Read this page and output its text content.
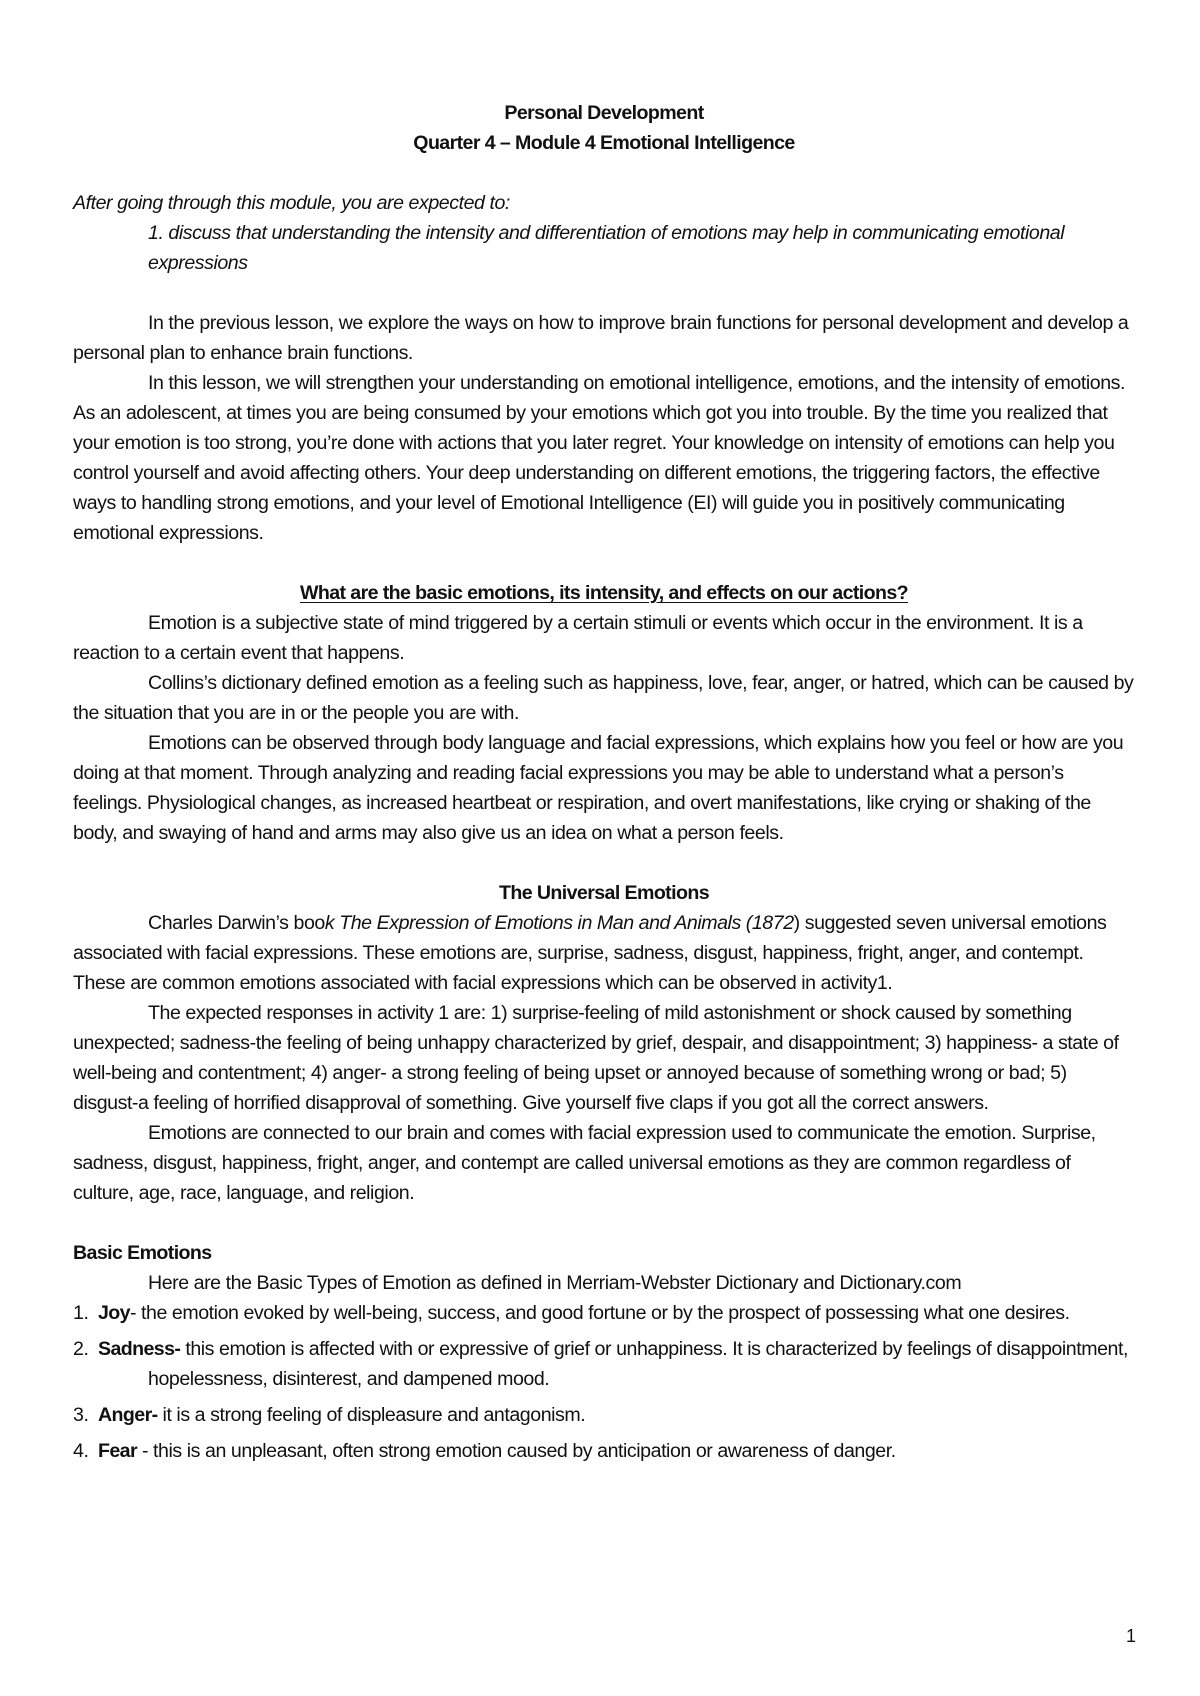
Personal Development
Quarter 4 – Module 4 Emotional Intelligence

After going through this module, you are expected to:

1. discuss that understanding the intensity and differentiation of emotions may help in communicating emotional expressions

In the previous lesson, we explore the ways on how to improve brain functions for personal development and develop a personal plan to enhance brain functions.

In this lesson, we will strengthen your understanding on emotional intelligence, emotions, and the intensity of emotions. As an adolescent, at times you are being consumed by your emotions which got you into trouble. By the time you realized that your emotion is too strong, you’re done with actions that you later regret. Your knowledge on intensity of emotions can help you control yourself and avoid affecting others. Your deep understanding on different emotions, the triggering factors, the effective ways to handling strong emotions, and your level of Emotional Intelligence (EI) will guide you in positively communicating emotional expressions.

What are the basic emotions, its intensity, and effects on our actions?

Emotion is a subjective state of mind triggered by a certain stimuli or events which occur in the environment. It is a reaction to a certain event that happens.

Collins’s dictionary defined emotion as a feeling such as happiness, love, fear, anger, or hatred, which can be caused by the situation that you are in or the people you are with.

Emotions can be observed through body language and facial expressions, which explains how you feel or how are you doing at that moment. Through analyzing and reading facial expressions you may be able to understand what a person’s feelings. Physiological changes, as increased heartbeat or respiration, and overt manifestations, like crying or shaking of the body, and swaying of hand and arms may also give us an idea on what a person feels.

The Universal Emotions

Charles Darwin’s book The Expression of Emotions in Man and Animals (1872) suggested seven universal emotions associated with facial expressions. These emotions are, surprise, sadness, disgust, happiness, fright, anger, and contempt. These are common emotions associated with facial expressions which can be observed in activity1.

The expected responses in activity 1 are: 1) surprise-feeling of mild astonishment or shock caused by something unexpected; sadness-the feeling of being unhappy characterized by grief, despair, and disappointment; 3) happiness- a state of well-being and contentment; 4) anger- a strong feeling of being upset or annoyed because of something wrong or bad; 5) disgust-a feeling of horrified disapproval of something. Give yourself five claps if you got all the correct answers.

Emotions are connected to our brain and comes with facial expression used to communicate the emotion. Surprise, sadness, disgust, happiness, fright, anger, and contempt are called universal emotions as they are common regardless of culture, age, race, language, and religion.

Basic Emotions

Here are the Basic Types of Emotion as defined in Merriam-Webster Dictionary and Dictionary.com

1. Joy- the emotion evoked by well-being, success, and good fortune or by the prospect of possessing what one desires.
2. Sadness- this emotion is affected with or expressive of grief or unhappiness. It is characterized by feelings of disappointment, hopelessness, disinterest, and dampened mood.
3. Anger- it is a strong feeling of displeasure and antagonism.
4. Fear - this is an unpleasant, often strong emotion caused by anticipation or awareness of danger.
1
